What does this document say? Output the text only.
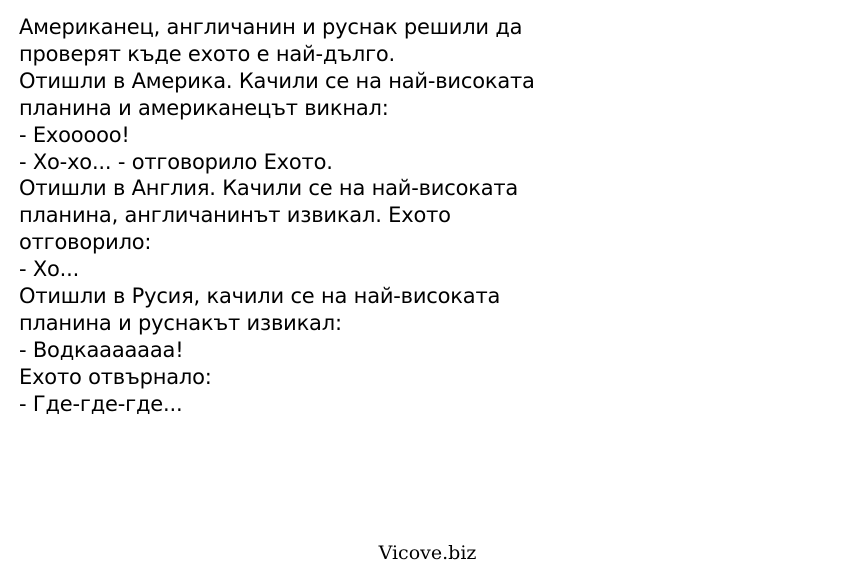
Американец, англичанин и руснак решили да
проверят къде ехото е най-дълго.
Отишли в Америка. Качили се на най-високата
планина и американецът викнал:
- Ехооооо!
- Хо-хо... - отговорило Ехото.
Отишли в Англия. Качили се на най-високата
планина, англичанинът извикал. Ехото
отговорило:
- Хо...
Отишли в Русия, качили се на най-високата
планина и руснакът извикал:
- Водкаааааaa!
Ехото отвърнало:
- Где-где-где...
Vicove.biz
